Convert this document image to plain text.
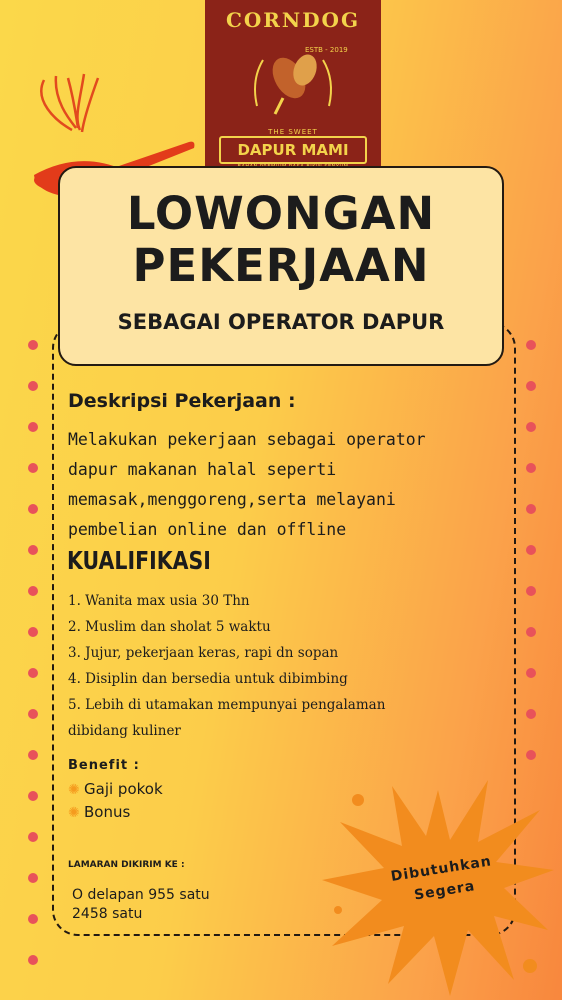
CORNDOG
ESTB - 2019
THE SWEET
DAPUR MAMI
LOWONGAN
PEKERJAAN
SEBAGAI OPERATOR DAPUR
Deskripsi Pekerjaan :
Melakukan pekerjaan sebagai operator
dapur makanan halal seperti
memasak,menggoreng,serta melayani
pembelian online dan offline
KUALIFIKASI
1. Wanita max usia 30 Thn
2. Muslim dan sholat 5 waktu
3. Jujur, pekerjaan keras, rapi dn sopan
4. Disiplin dan bersedia untuk dibimbing
5. Lebih di utamakan mempunyai pengalaman
dibidang kuliner
Benefit :
✺ Gaji pokok
✺ Bonus
LAMARAN DIKIRIM KE :
O delapan 955 satu
2458 satu
Dibutuhkan
Segera
